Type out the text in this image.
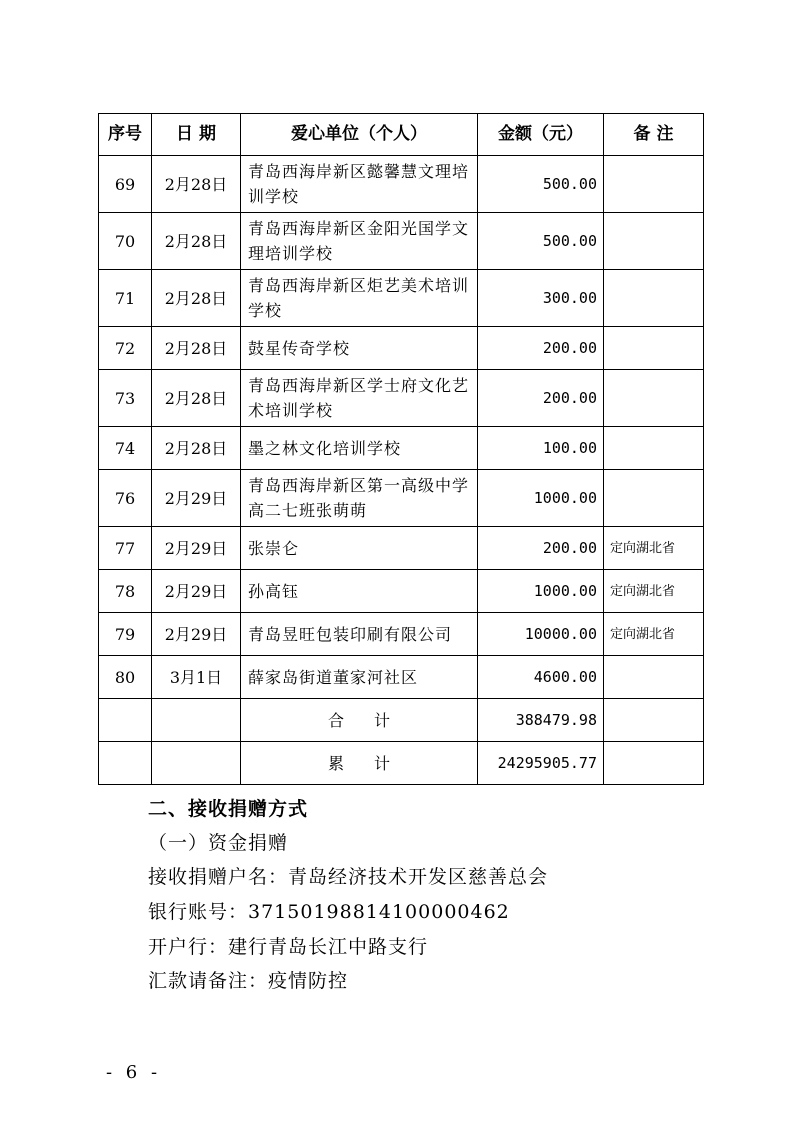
序号	日 期	爱心单位（个人）	金额（元）	备 注
69	2月28日	青岛西海岸新区懿馨慧文理培训学校	500.00	
70	2月28日	青岛西海岸新区金阳光国学文理培训学校	500.00	
71	2月28日	青岛西海岸新区炬艺美术培训学校	300.00	
72	2月28日	鼓星传奇学校	200.00	
73	2月28日	青岛西海岸新区学士府文化艺术培训学校	200.00	
74	2月28日	墨之林文化培训学校	100.00	
76	2月29日	青岛西海岸新区第一高级中学高二七班张萌萌	1000.00	
77	2月29日	张崇仑	200.00	定向湖北省
78	2月29日	孙高钰	1000.00	定向湖北省
79	2月29日	青岛昱旺包装印刷有限公司	10000.00	定向湖北省
80	3月1日	薛家岛街道董家河社区	4600.00	
		合计	388479.98	
		累计	24295905.77	
二、接收捐赠方式
（一）资金捐赠
接收捐赠户名：青岛经济技术开发区慈善总会
银行账号：37150198814100000462
开户行：建行青岛长江中路支行
汇款请备注：疫情防控
- 6 -
